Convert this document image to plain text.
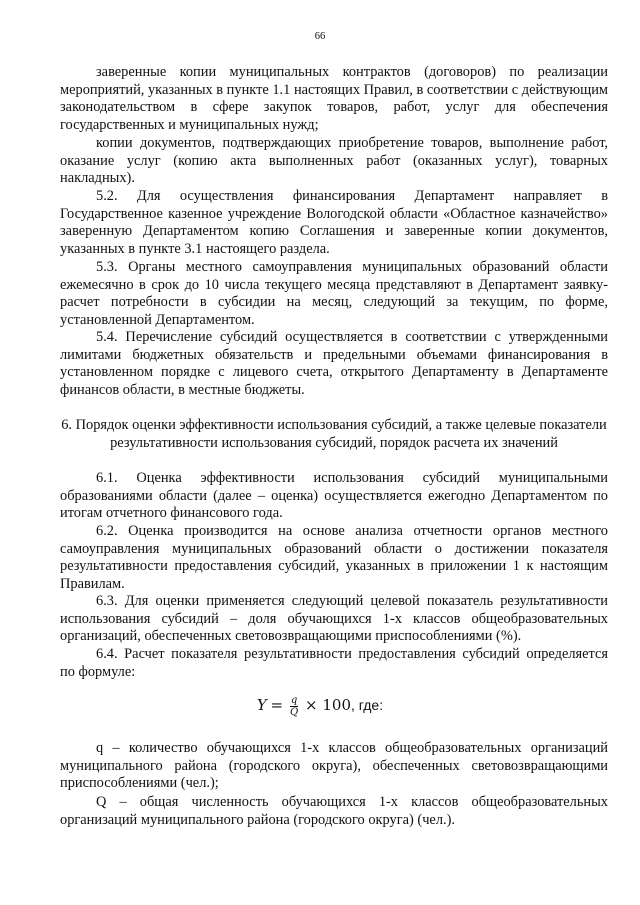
66

заверенные копии муниципальных контрактов (договоров) по реализации мероприятий, указанных в пункте 1.1 настоящих Правил, в соответствии с действующим законодательством в сфере закупок товаров, работ, услуг для обеспечения государственных и муниципальных нужд;

копии документов, подтверждающих приобретение товаров, выполнение работ, оказание услуг (копию акта выполненных работ (оказанных услуг), товарных накладных).

5.2. Для осуществления финансирования Департамент направляет в Государственное казенное учреждение Вологодской области «Областное казначейство» заверенную Департаментом копию Соглашения и заверенные копии документов, указанных в пункте 3.1 настоящего раздела.

5.3. Органы местного самоуправления муниципальных образований области ежемесячно в срок до 10 числа текущего месяца представляют в Департамент заявку-расчет потребности в субсидии на месяц, следующий за текущим, по форме, установленной Департаментом.

5.4. Перечисление субсидий осуществляется в соответствии с утвержденными лимитами бюджетных обязательств и предельными объемами финансирования в установленном порядке с лицевого счета, открытого Департаменту в Департаменте финансов области, в местные бюджеты.

6. Порядок оценки эффективности использования субсидий, а также целевые показатели результативности использования субсидий, порядок расчета их значений

6.1. Оценка эффективности использования субсидий муниципальными образованиями области (далее – оценка) осуществляется ежегодно Департаментом по итогам отчетного финансового года.

6.2. Оценка производится на основе анализа отчетности органов местного самоуправления муниципальных образований области о достижении показателя результативности предоставления субсидий, указанных в приложении 1 к настоящим Правилам.

6.3. Для оценки применяется следующий целевой показатель результативности использования субсидий – доля обучающихся 1-х классов общеобразовательных организаций, обеспеченных световозвращающими приспособлениями (%).

6.4. Расчет показателя результативности предоставления субсидий определяется по формуле:

$Y = \frac{q}{Q} \times 100$, где:

q – количество обучающихся 1-х классов общеобразовательных организаций муниципального района (городского округа), обеспеченных световозвращающими приспособлениями (чел.);

Q – общая численность обучающихся 1-х классов общеобразовательных организаций муниципального района (городского округа) (чел.).
